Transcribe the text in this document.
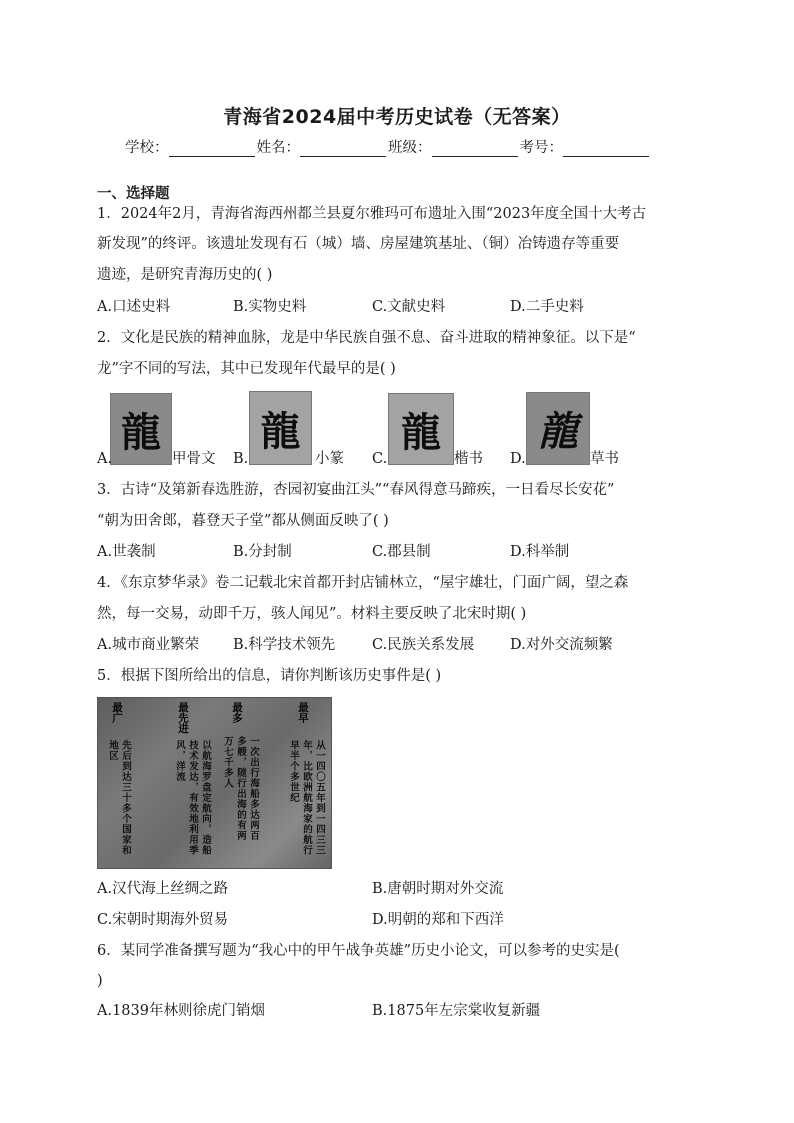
青海省2024届中考历史试卷（无答案）
学校：	姓名：	班级：	考号：
一、选择题
1．2024年2月，青海省海西州都兰县夏尔雅玛可布遗址入围“2023年度全国十大考古
新发现”的终评。该遗址发现有石（城）墙、房屋建筑基址、（铜）冶铸遗存等重要
遗迹，是研究青海历史的( )
A.口述史料	B.实物史料	C.文献史料	D.二手史料
2．文化是民族的精神血脉，龙是中华民族自强不息、奋斗进取的精神象征。以下是“
龙”字不同的写法，其中已发现年代最早的是( )
龍 龍	龍 龍
A.	甲骨文 B.	小篆 C.	楷书 D.	草书
3．古诗“及第新春选胜游，杏园初宴曲江头”“春风得意马蹄疾，一日看尽长安花”
“朝为田舍郎，暮登天子堂”都从侧面反映了( )
A.世袭制	B.分封制	C.郡县制	D.科举制
4．《东京梦华录》卷二记载北宋首都开封店铺林立，“屋宇雄壮，门面广阔，望之森
然，每一交易，动即千万，骇人闻见”。材料主要反映了北宋时期( )
A.城市商业繁荣 B.科学技术领先	C.民族关系发展 D.对外交流频繁
5．根据下图所给出的信息，请你判断该历史事件是( )
最早
最多
最先进
最广
从一四〇五年到一四三三
年，比欧洲航海家的航行
早半个多世纪
一次出行海船多达两百
多艘，随行出海的有两
万七千多人
以航海罗盘定航向，造船
技术发达，有效地利用季
风，洋流
先后到达三十多个国家和
地区
A.汉代海上丝绸之路	B.唐朝时期对外交流
C.宋朝时期海外贸易	D.明朝的郑和下西洋
6．某同学准备撰写题为“我心中的甲午战争英雄”历史小论文，可以参考的史实是(
)
A.1839年林则徐虎门销烟	B.1875年左宗棠收复新疆
